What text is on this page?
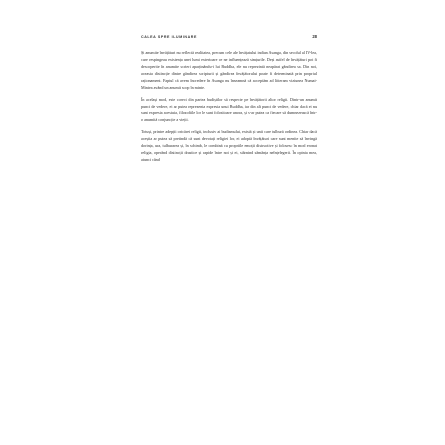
CALEA SPRE ILUMINARE	28

Și anumite învățături nu reflectă realitatea, precum cele ale învățatului indian Asanga, din secolul al IV-lea, care respingeau existența unei lumi exterioare ce ne influențează simțurile. Deși astfel de învățături pot fi descoperite în anumite scrieri aparținându-i lui Buddha, ele nu reprezintă neapărat gândirea sa. Din noi, aceasta distincție dintre gândirea scripturii și gândirea învățătorului poate fi determinată prin propriul raționament. Faptul că avem încredere în Asanga nu înseamnă că acceptăm ad litteram viziunea Numai-Mintea având un anumit scop în minte.

În același mod, este corect din partea budiștilor să respecte pe învățătorii altor religii. Dintr-un anumit punct de vedere, ei ar putea reprezenta expresia unui Buddha, iar din alt punct de vedere, chiar dacă ei nu sunt expresia acestuia, filozofiile lor le sunt folositoare unora, și s-ar putea ca fiecare să dumnezească într-o anumită conjuncție a vieții.

Totuși, printre adepții oricărei religii, inclusiv ai budismului, există și unii care tulbură ordinea. Chiar dacă aceștia ar putea să pretindă că sunt devotați religiei lor, ei adoptă învățături care sunt menite să învingă dorința, ura, tulburarea și, în schimb, le combină cu propriile emoții distructive și folosesc în mod eronat religia, operând distincții drastice și rapide între noi și ei, stârnind sâmânța neînțelegerii. În opinia mea, atunci când
